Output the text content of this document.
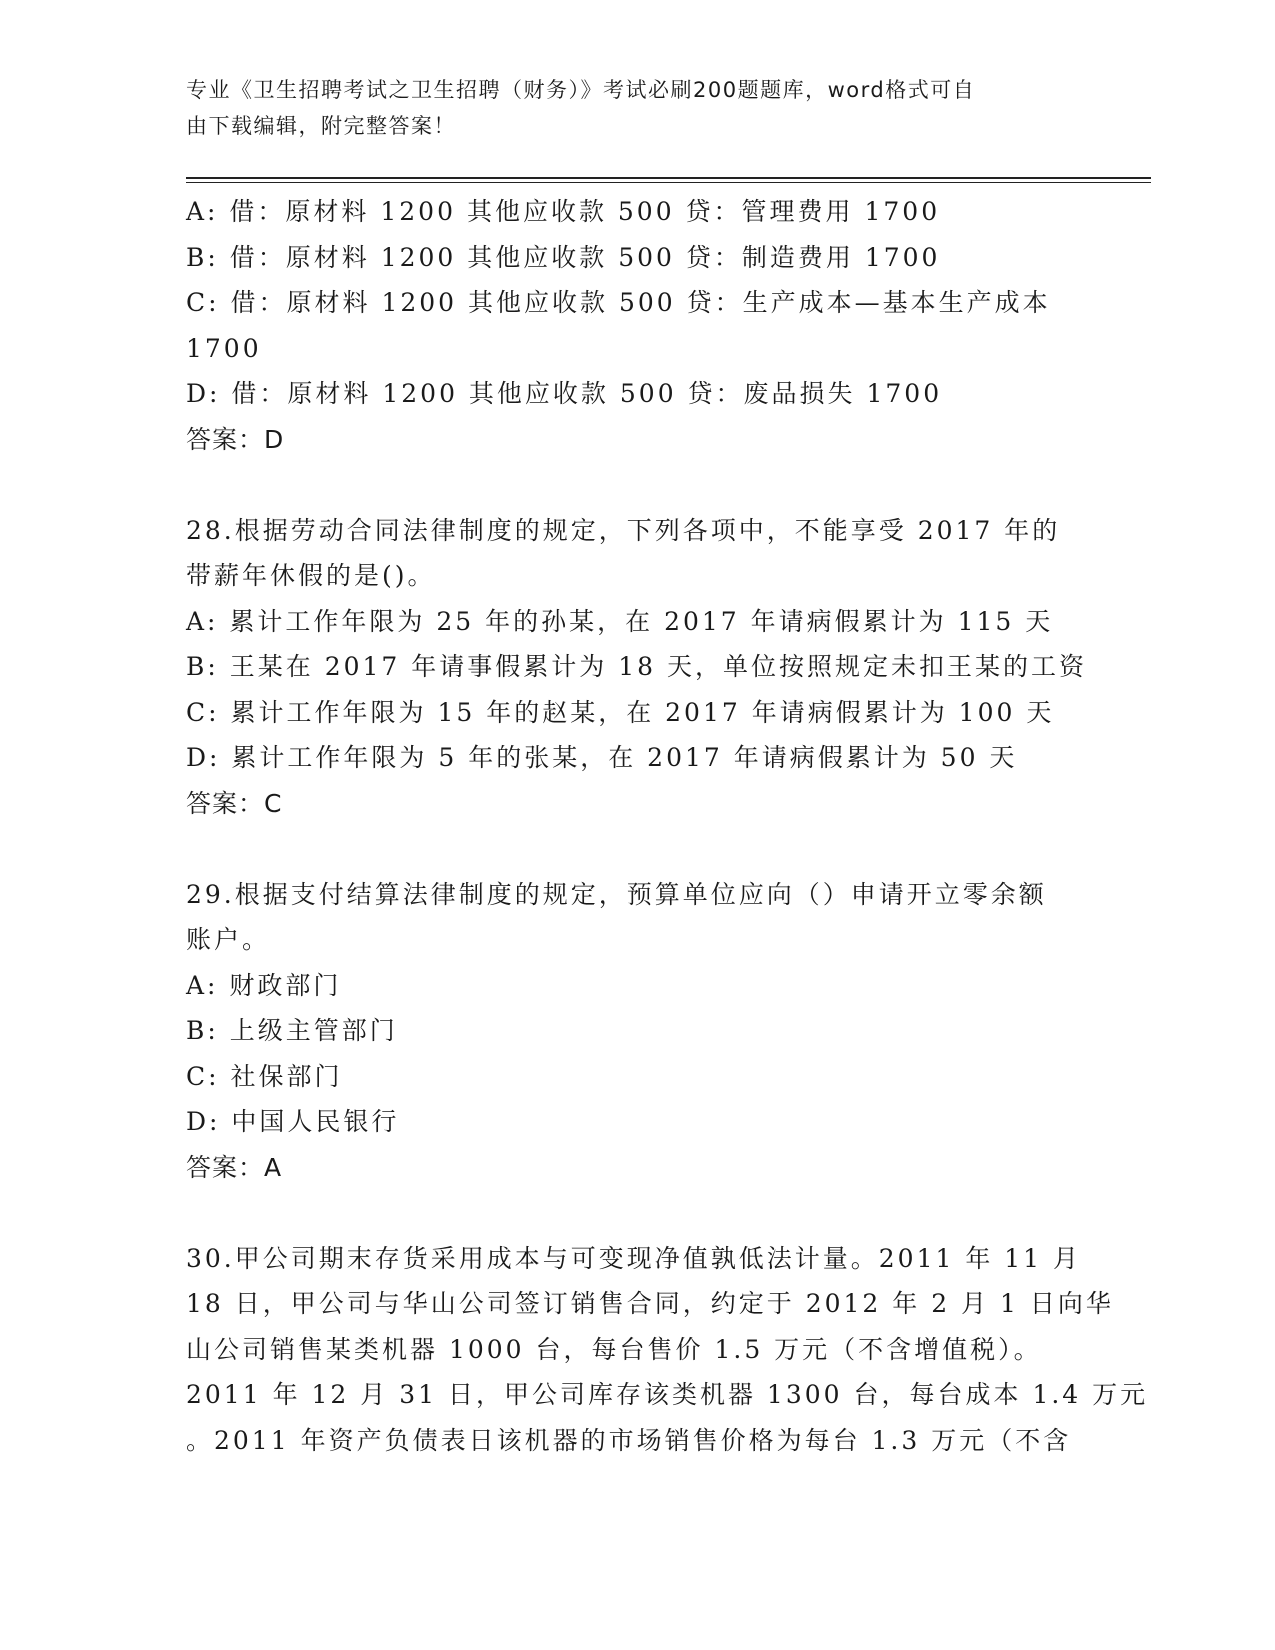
专业《卫生招聘考试之卫生招聘（财务）》考试必刷200题题库，word格式可自
由下载编辑，附完整答案！
A: 借：原材料 1200 其他应收款 500 贷：管理费用 1700
B: 借：原材料 1200 其他应收款 500 贷：制造费用 1700
C: 借：原材料 1200 其他应收款 500 贷：生产成本—基本生产成本
1700
D: 借：原材料 1200 其他应收款 500 贷：废品损失 1700
答案：D
28.根据劳动合同法律制度的规定，下列各项中，不能享受 2017 年的
带薪年休假的是()。
A: 累计工作年限为 25 年的孙某，在 2017 年请病假累计为 115 天
B: 王某在 2017 年请事假累计为 18 天，单位按照规定未扣王某的工资
C: 累计工作年限为 15 年的赵某，在 2017 年请病假累计为 100 天
D: 累计工作年限为 5 年的张某，在 2017 年请病假累计为 50 天
答案：C
29.根据支付结算法律制度的规定，预算单位应向（）申请开立零余额
账户。
A: 财政部门
B: 上级主管部门
C: 社保部门
D: 中国人民银行
答案：A
30.甲公司期末存货采用成本与可变现净值孰低法计量。2011 年 11 月
18 日，甲公司与华山公司签订销售合同，约定于 2012 年 2 月 1 日向华
山公司销售某类机器 1000 台，每台售价 1.5 万元（不含增值税）。
2011 年 12 月 31 日，甲公司库存该类机器 1300 台，每台成本 1.4 万元
。2011 年资产负债表日该机器的市场销售价格为每台 1.3 万元（不含
